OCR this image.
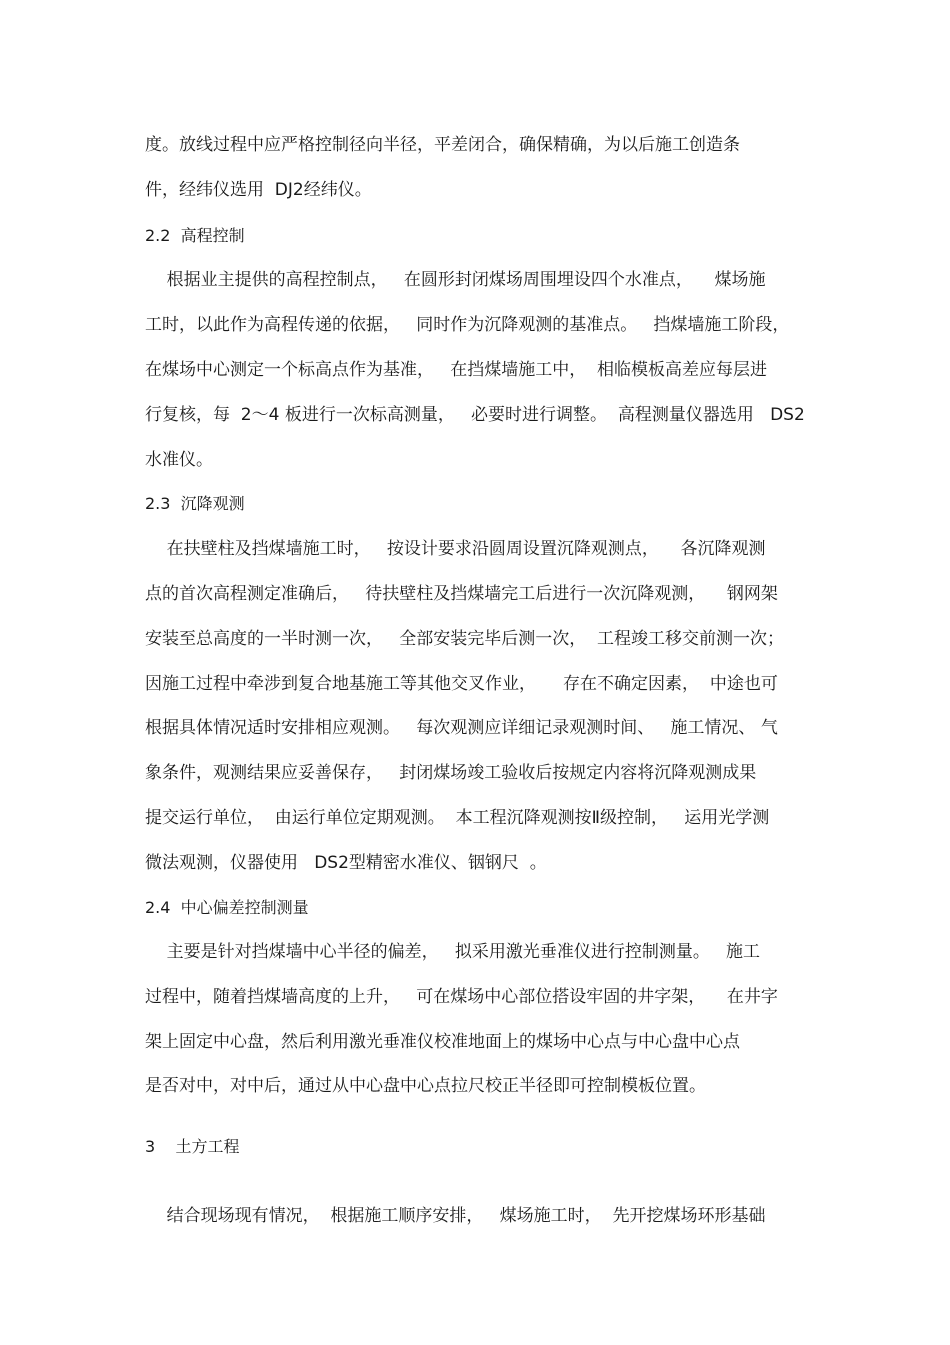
度。放线过程中应严格控制径向半径，平差闭合，确保精确，为以后施工创造条
件，经纬仪选用  DJ2经纬仪。
2.2  高程控制
根据业主提供的高程控制点，   在圆形封闭煤场周围埋设四个水准点，    煤场施
工时，以此作为高程传递的依据，   同时作为沉降观测的基准点。   挡煤墙施工阶段，
在煤场中心测定一个标高点作为基准，   在挡煤墙施工中，  相临模板高差应每层进
行复核，每  2～4 板进行一次标高测量，   必要时进行调整。  高程测量仪器选用   DS2
水准仪。
2.3  沉降观测
在扶壁柱及挡煤墙施工时，   按设计要求沿圆周设置沉降观测点，    各沉降观测
点的首次高程测定准确后，   待扶壁柱及挡煤墙完工后进行一次沉降观测，    钢网架
安装至总高度的一半时测一次，   全部安装完毕后测一次，  工程竣工移交前测一次；
因施工过程中牵涉到复合地基施工等其他交叉作业，     存在不确定因素，  中途也可
根据具体情况适时安排相应观测。   每次观测应详细记录观测时间、   施工情况、 气
象条件，观测结果应妥善保存，   封闭煤场竣工验收后按规定内容将沉降观测成果
提交运行单位，  由运行单位定期观测。  本工程沉降观测按Ⅱ级控制，   运用光学测
微法观测，仪器使用   DS2型精密水准仪、铟钢尺  。
2.4  中心偏差控制测量
主要是针对挡煤墙中心半径的偏差，   拟采用激光垂准仪进行控制测量。   施工
过程中，随着挡煤墙高度的上升，   可在煤场中心部位搭设牢固的井字架，    在井字
架上固定中心盘，然后利用激光垂准仪校准地面上的煤场中心点与中心盘中心点
是否对中，对中后，通过从中心盘中心点拉尺校正半径即可控制模板位置。
3    土方工程
结合现场现有情况，  根据施工顺序安排，   煤场施工时，  先开挖煤场环形基础
